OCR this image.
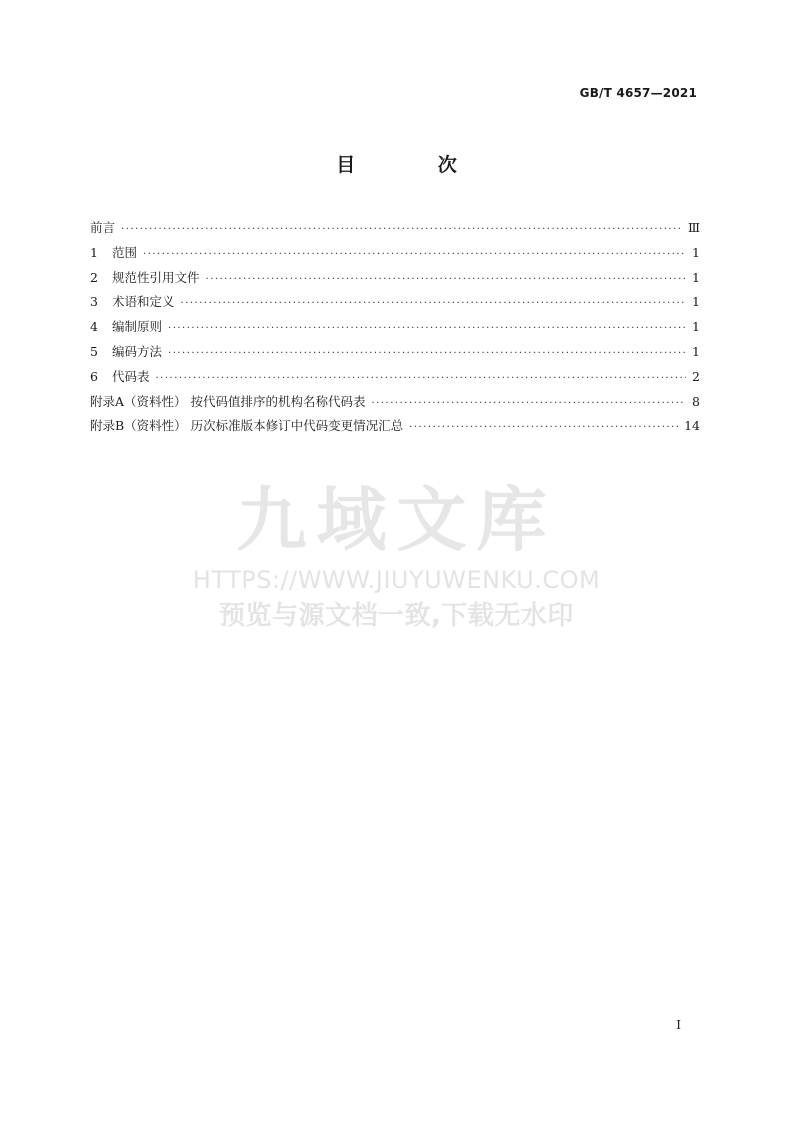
GB/T 4657—2021
目 次
前言 ·····	Ⅲ
1	范围 ·····	1
2	规范性引用文件 ·····	1
3	术语和定义 ·····	1
4	编制原则 ·····	1
5	编码方法 ·····	1
6	代码表 ·····	2
附录A（资料性） 按代码值排序的机构名称代码表 ·····	8
附录B（资料性） 历次标准版本修订中代码变更情况汇总 ·····	14
九域文库
HTTPS://WWW.JIUYUWENKU.COM
预览与源文档一致,下载无水印
I
